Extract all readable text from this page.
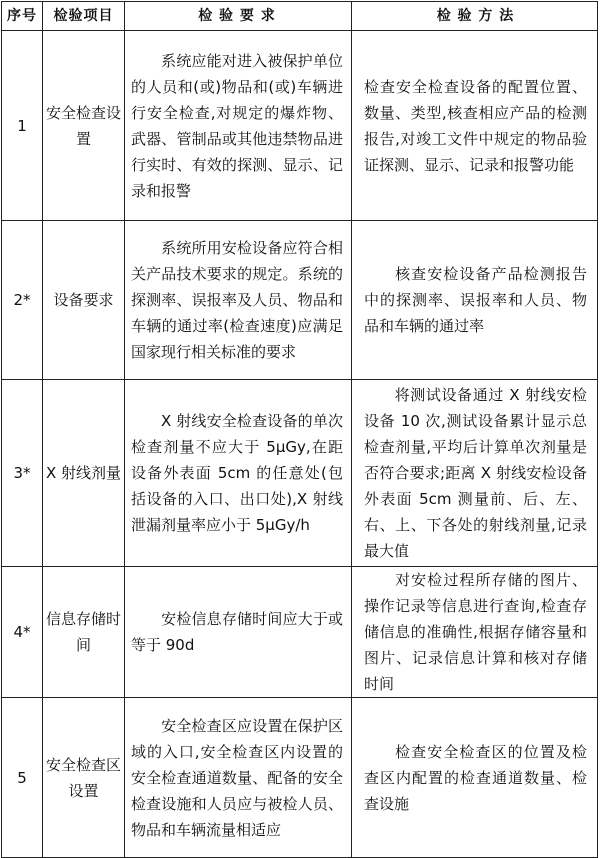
序号	检验项目	检 验 要 求	检 验 方 法
1	安全检查设置	系统应能对进入被保护单位的人员和(或)物品和(或)车辆进行安全检查,对规定的爆炸物、武器、管制品或其他违禁物品进行实时、有效的探测、显示、记录和报警	检查安全检查设备的配置位置、数量、类型,核查相应产品的检测报告,对竣工文件中规定的物品验证探测、显示、记录和报警功能
2*	设备要求	系统所用安检设备应符合相关产品技术要求的规定。系统的探测率、误报率及人员、物品和车辆的通过率(检查速度)应满足国家现行相关标准的要求	核查安检设备产品检测报告中的探测率、误报率和人员、物品和车辆的通过率
3*	X 射线剂量	X 射线安全检查设备的单次检查剂量不应大于 5μGy,在距设备外表面 5cm 的任意处(包括设备的入口、出口处),X 射线泄漏剂量率应小于 5μGy/h	将测试设备通过 X 射线安检设备 10 次,测试设备累计显示总检查剂量,平均后计算单次剂量是否符合要求;距离 X 射线安检设备外表面 5cm 测量前、后、左、右、上、下各处的射线剂量,记录最大值
4*	信息存储时间	安检信息存储时间应大于或等于 90d	对安检过程所存储的图片、操作记录等信息进行查询,检查存储信息的准确性,根据存储容量和图片、记录信息计算和核对存储时间
5	安全检查区设置	安全检查区应设置在保护区域的入口,安全检查区内设置的安全检查通道数量、配备的安全检查设施和人员应与被检人员、物品和车辆流量相适应	检查安全检查区的位置及检查区内配置的检查通道数量、检查设施
